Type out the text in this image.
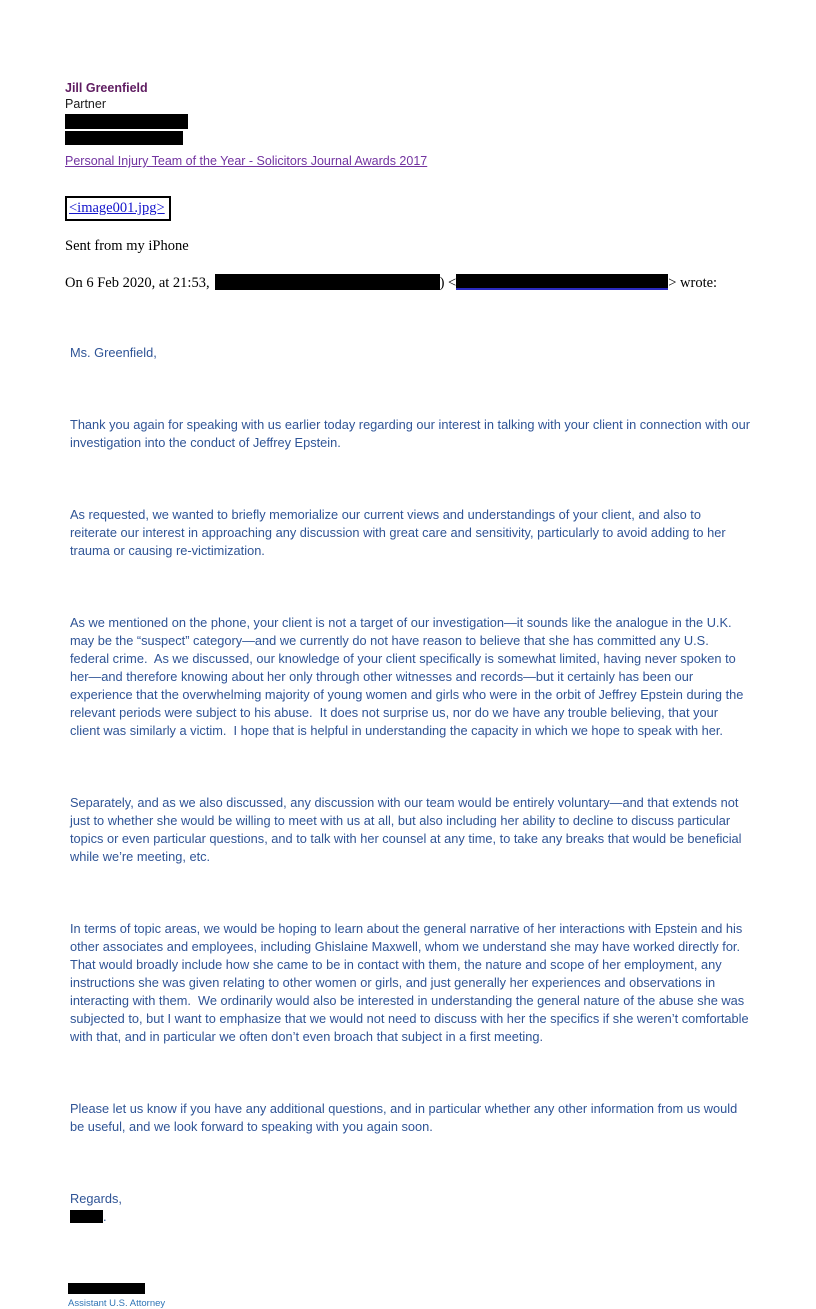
Jill Greenfield
Partner
Personal Injury Team of the Year - Solicitors Journal Awards 2017
<image001.jpg>
Sent from my iPhone
On 6 Feb 2020, at 21:53,	) <	> wrote:

Ms. Greenfield,

Thank you again for speaking with us earlier today regarding our interest in talking with your client in connection with our investigation into the conduct of Jeffrey Epstein.

As requested, we wanted to briefly memorialize our current views and understandings of your client, and also to reiterate our interest in approaching any discussion with great care and sensitivity, particularly to avoid adding to her trauma or causing re-victimization.

As we mentioned on the phone, your client is not a target of our investigation—it sounds like the analogue in the U.K. may be the “suspect” category—and we currently do not have reason to believe that she has committed any U.S. federal crime.  As we discussed, our knowledge of your client specifically is somewhat limited, having never spoken to her—and therefore knowing about her only through other witnesses and records—but it certainly has been our experience that the overwhelming majority of young women and girls who were in the orbit of Jeffrey Epstein during the relevant periods were subject to his abuse.  It does not surprise us, nor do we have any trouble believing, that your client was similarly a victim.  I hope that is helpful in understanding the capacity in which we hope to speak with her.

Separately, and as we also discussed, any discussion with our team would be entirely voluntary—and that extends not just to whether she would be willing to meet with us at all, but also including her ability to decline to discuss particular topics or even particular questions, and to talk with her counsel at any time, to take any breaks that would be beneficial while we’re meeting, etc.

In terms of topic areas, we would be hoping to learn about the general narrative of her interactions with Epstein and his other associates and employees, including Ghislaine Maxwell, whom we understand she may have worked directly for.  That would broadly include how she came to be in contact with them, the nature and scope of her employment, any instructions she was given relating to other women or girls, and just generally her experiences and observations in interacting with them.  We ordinarily would also be interested in understanding the general nature of the abuse she was subjected to, but I want to emphasize that we would not need to discuss with her the specifics if she weren’t comfortable with that, and in particular we often don’t even broach that subject in a first meeting.

Please let us know if you have any additional questions, and in particular whether any other information from us would be useful, and we look forward to speaking with you again soon.

Regards,
.

Assistant U.S. Attorney
